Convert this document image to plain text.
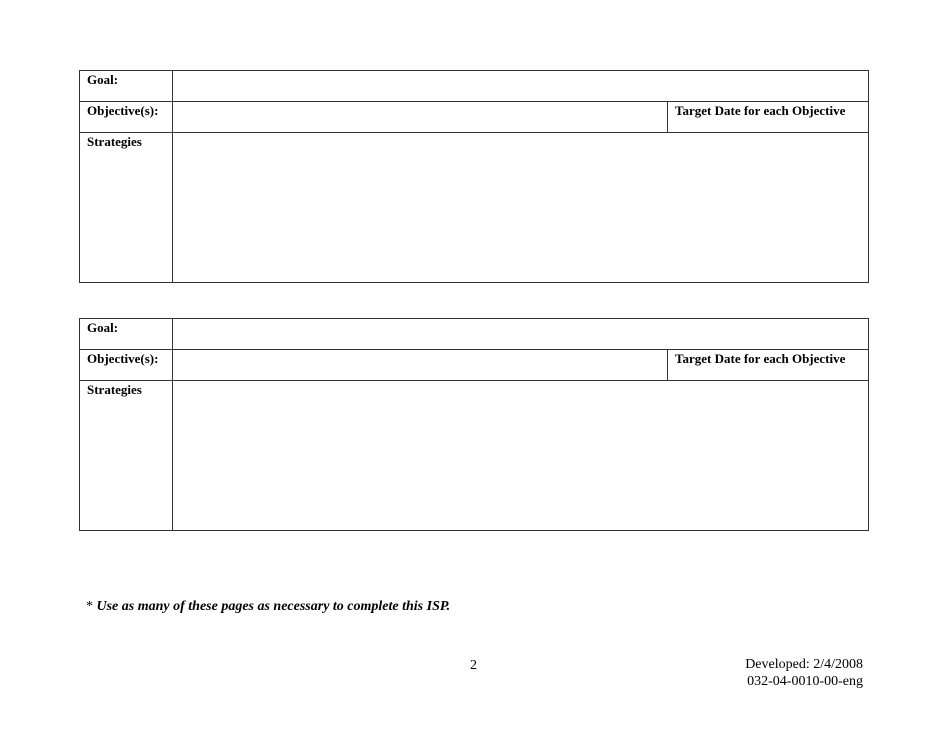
Goal:
Objective(s):	Target Date for each Objective
Strategies
Goal:
Objective(s):	Target Date for each Objective
Strategies
* Use as many of these pages as necessary to complete this ISP.
2	Developed: 2/4/2008
032-04-0010-00-eng
